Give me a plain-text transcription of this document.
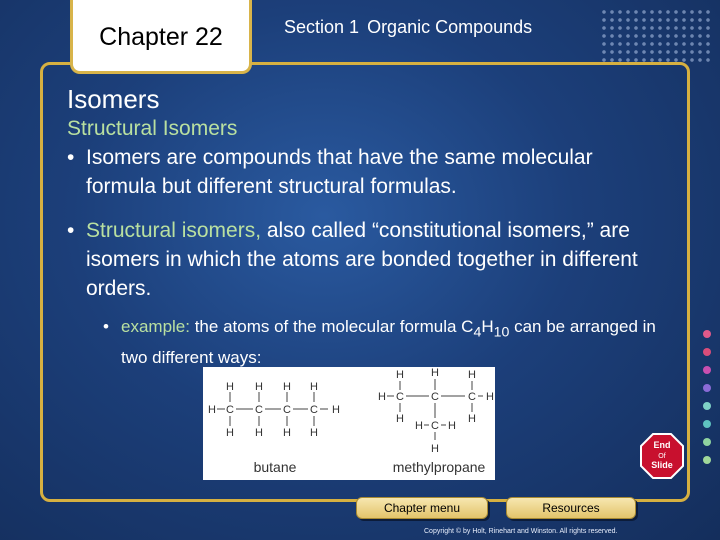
Chapter 22	Section 1 Organic Compounds
Isomers
Structural Isomers
• Isomers are compounds that have the same molecular formula but different structural formulas.
• Structural isomers, also called “constitutional isomers,” are isomers in which the atoms are bonded together in different orders.
• example: the atoms of the molecular formula $C_4H_{10}$ can be arranged in two different ways:
H C
H
H
C
H
H
C
H
H
C
H
H
H
butane
H H	H
H C C	C H
H	H
H C H
H
methylpropane
End
Of
Slide
Chapter menu	Resources
Copyright © by Holt, Rinehart and Winston. All rights reserved.
